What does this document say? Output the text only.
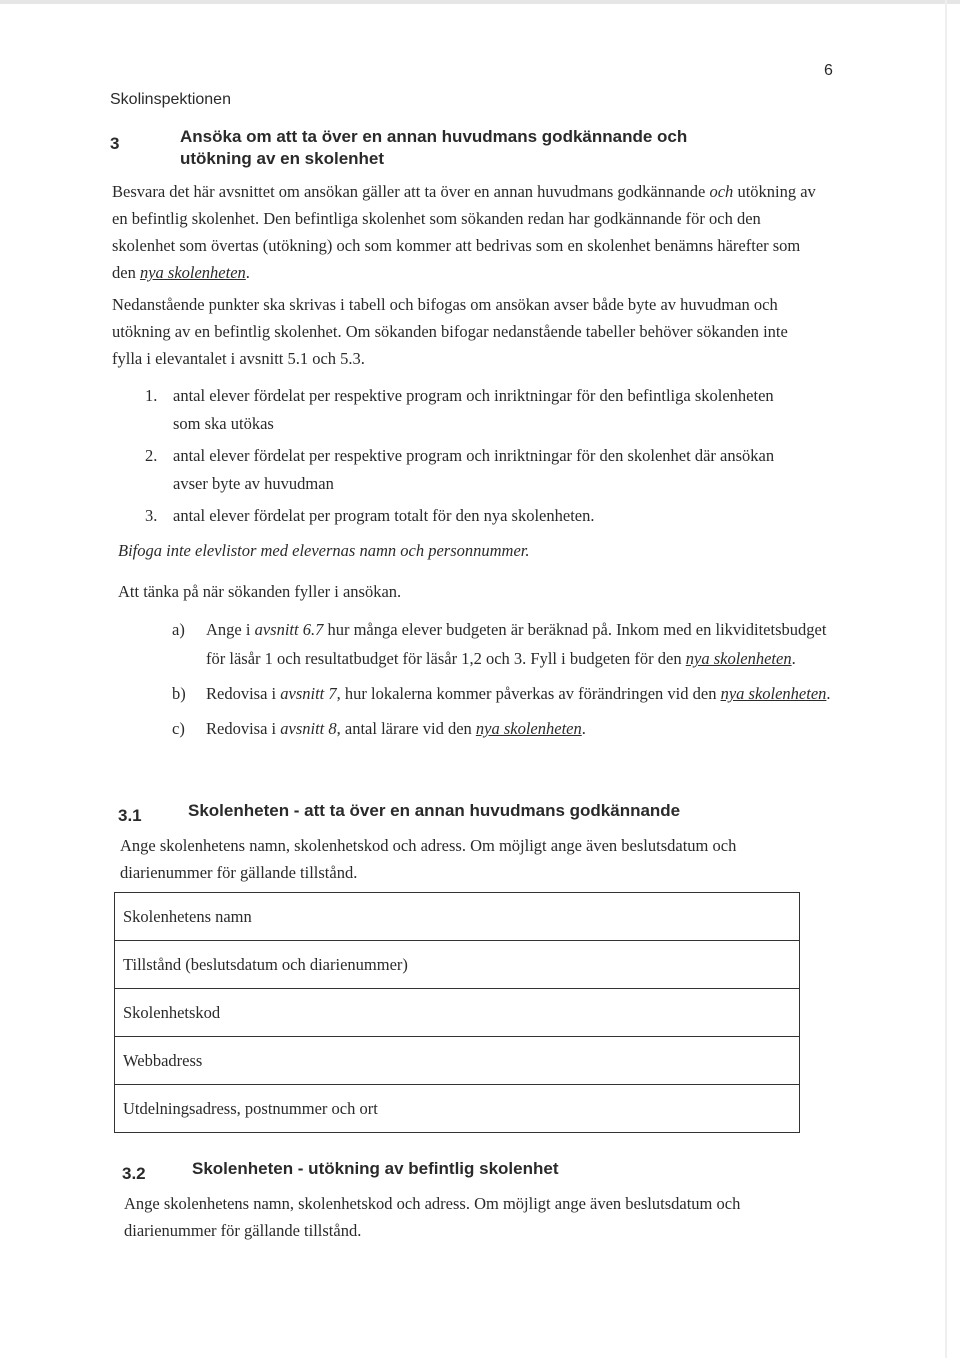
6
Skolinspektionen
3	Ansöka om att ta över en annan huvudmans godkännande och
utökning av en skolenhet
Besvara det här avsnittet om ansökan gäller att ta över en annan huvudmans godkännande och utökning av en befintlig skolenhet. Den befintliga skolenhet som sökanden redan har godkännande för och den skolenhet som övertas (utökning) och som kommer att bedrivas som en skolenhet benämns härefter som den nya skolenheten.
Nedanstående punkter ska skrivas i tabell och bifogas om ansökan avser både byte av huvudman och utökning av en befintlig skolenhet. Om sökanden bifogar nedanstående tabeller behöver sökanden inte fylla i elevantalet i avsnitt 5.1 och 5.3.
1. antal elever fördelat per respektive program och inriktningar för den befintliga skolenheten som ska utökas
2. antal elever fördelat per respektive program och inriktningar för den skolenhet där ansökan avser byte av huvudman
3. antal elever fördelat per program totalt för den nya skolenheten.
Bifoga inte elevlistor med elevernas namn och personnummer.
Att tänka på när sökanden fyller i ansökan.
a) Ange i avsnitt 6.7 hur många elever budgeten är beräknad på. Inkom med en likviditetsbudget för läsår 1 och resultatbudget för läsår 1,2 och 3. Fyll i budgeten för den nya skolenheten.
b) Redovisa i avsnitt 7, hur lokalerna kommer påverkas av förändringen vid den nya skolenheten.
c) Redovisa i avsnitt 8, antal lärare vid den nya skolenheten.
3.1	Skolenheten - att ta över en annan huvudmans godkännande
Ange skolenhetens namn, skolenhetskod och adress. Om möjligt ange även beslutsdatum och diarienummer för gällande tillstånd.
Skolenhetens namn
Tillstånd (beslutsdatum och diarienummer)
Skolenhetskod
Webbadress
Utdelningsadress, postnummer och ort
3.2	Skolenheten - utökning av befintlig skolenhet
Ange skolenhetens namn, skolenhetskod och adress. Om möjligt ange även beslutsdatum och diarienummer för gällande tillstånd.
